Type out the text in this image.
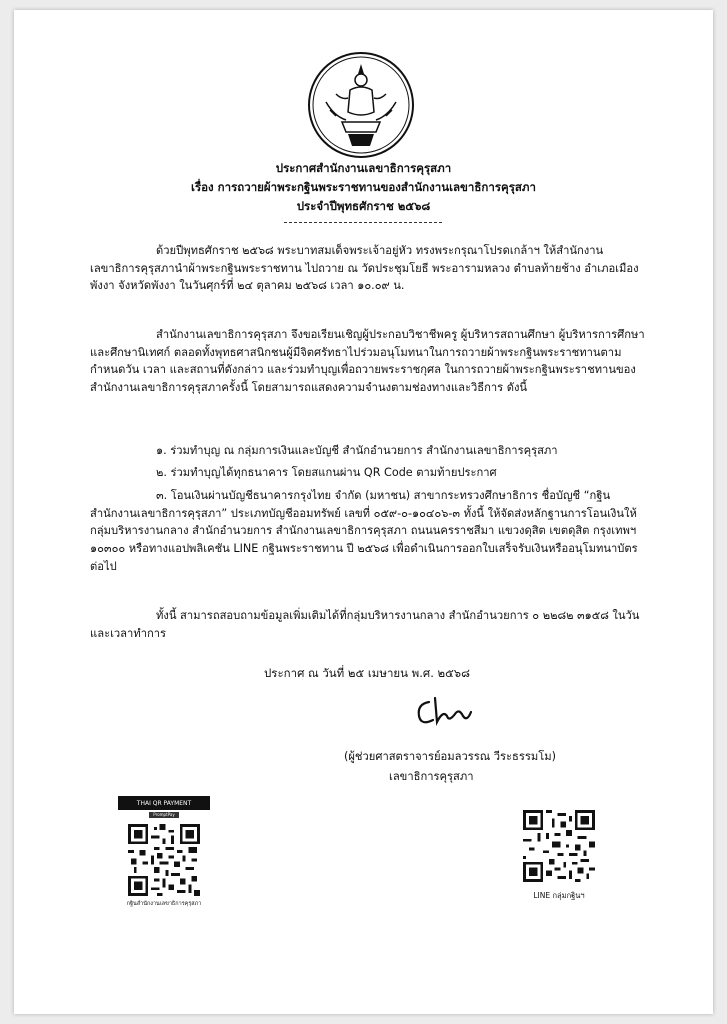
ประกาศสำนักงานเลขาธิการคุรุสภา
เรื่อง การถวายผ้าพระกฐินพระราชทานของสำนักงานเลขาธิการคุรุสภา
ประจำปีพุทธศักราช ๒๕๖๘

ด้วยปีพุทธศักราช ๒๕๖๘ พระบาทสมเด็จพระเจ้าอยู่หัว ทรงพระกรุณาโปรดเกล้าฯ ให้สำนักงานเลขาธิการคุรุสภานำผ้าพระกฐินพระราชทาน ไปถวาย ณ วัดประชุมโยธี พระอารามหลวง ตำบลท้ายช้าง อำเภอเมืองพังงา จังหวัดพังงา ในวันศุกร์ที่ ๒๔ ตุลาคม ๒๕๖๘ เวลา ๑๐.๐๙ น.

สำนักงานเลขาธิการคุรุสภา จึงขอเรียนเชิญผู้ประกอบวิชาชีพครู ผู้บริหารสถานศึกษา ผู้บริหารการศึกษา และศึกษานิเทศก์ ตลอดทั้งพุทธศาสนิกชนผู้มีจิตศรัทธาไปร่วมอนุโมทนาในการถวายผ้าพระกฐินพระราชทานตามกำหนดวัน เวลา และสถานที่ดังกล่าว และร่วมทำบุญเพื่อถวายพระราชกุศล ในการถวายผ้าพระกฐินพระราชทานของสำนักงานเลขาธิการคุรุสภาครั้งนี้ โดยสามารถแสดงความจำนงตามช่องทางและวิธีการ ดังนี้

๑. ร่วมทำบุญ ณ กลุ่มการเงินและบัญชี สำนักอำนวยการ สำนักงานเลขาธิการคุรุสภา
๒. ร่วมทำบุญได้ทุกธนาคาร โดยสแกนผ่าน QR Code ตามท้ายประกาศ
๓. โอนเงินผ่านบัญชีธนาคารกรุงไทย จำกัด (มหาชน) สาขากระทรวงศึกษาธิการ ชื่อบัญชี “กฐินสำนักงานเลขาธิการคุรุสภา” ประเภทบัญชีออมทรัพย์ เลขที่ ๐๕๙-๐-๑๐๔๐๖-๓ ทั้งนี้ ให้จัดส่งหลักฐานการโอนเงินให้กลุ่มบริหารงานกลาง สำนักอำนวยการ สำนักงานเลขาธิการคุรุสภา ถนนนครราชสีมา แขวงดุสิต เขตดุสิต กรุงเทพฯ ๑๐๓๐๐ หรือทางแอปพลิเคชัน LINE กฐินพระราชทาน ปี ๒๕๖๘ เพื่อดำเนินการออกใบเสร็จรับเงินหรืออนุโมทนาบัตรต่อไป

ทั้งนี้ สามารถสอบถามข้อมูลเพิ่มเติมได้ที่กลุ่มบริหารงานกลาง สำนักอำนวยการ ๐ ๒๒๘๒ ๓๑๕๘ ในวันและเวลาทำการ

ประกาศ ณ วันที่ ๒๕ เมษายน พ.ศ. ๒๕๖๘
(ผู้ช่วยศาสตราจารย์อมลวรรณ วีระธรรมโม)
เลขาธิการคุรุสภา
THAI QR PAYMENT
PromptPay
กฐินสำนักงานเลขาธิการคุรุสภา
LINE กลุ่มกฐินฯ
